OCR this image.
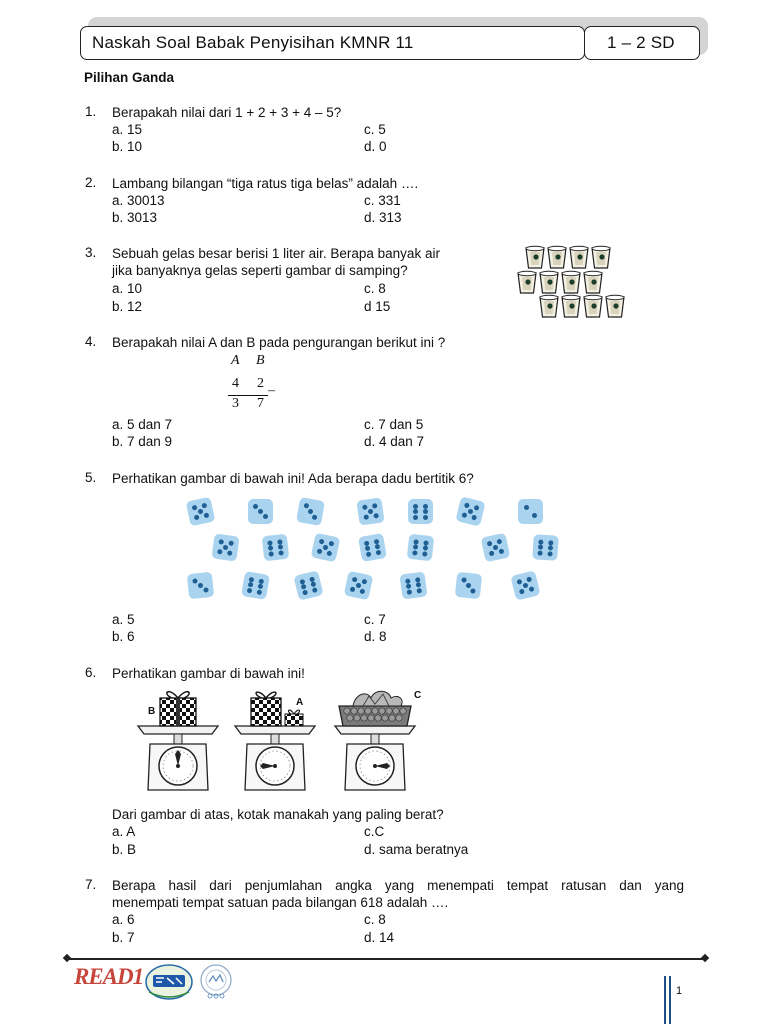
Naskah Soal Babak Penyisihan KMNR 11	1 – 2 SD
Pilihan Ganda
1. Berapakah nilai dari 1 + 2 + 3 + 4 – 5?
a. 15
b. 10
c. 5
d. 0
2. Lambang bilangan “tiga ratus tiga belas” adalah ….
a. 30013
b. 3013
c. 331
d. 313
3. Sebuah gelas besar berisi 1 liter air. Berapa banyak air
jika banyaknya gelas seperti gambar di samping?
a. 10
b. 12
c. 8
d 15
4. Berapakah nilai A dan B pada pengurangan berikut ini ?
A B
4 2 –
3 7
a. 5 dan 7
b. 7 dan 9
c. 7 dan 5
d. 4 dan 7
5. Perhatikan gambar di bawah ini! Ada berapa dadu bertitik 6?
a. 5
b. 6
c. 7
d. 8
6. Perhatikan gambar di bawah ini!
B
A
C
Dari gambar di atas, kotak manakah yang paling berat?
a. A
b. B
c.C
d. sama beratnya
7. Berapa hasil dari penjumlahan angka yang menempati tempat ratusan dan yang
menempati tempat satuan pada bilangan 618 adalah ….
a. 6
b. 7
c. 8
d. 14
READ1
1
